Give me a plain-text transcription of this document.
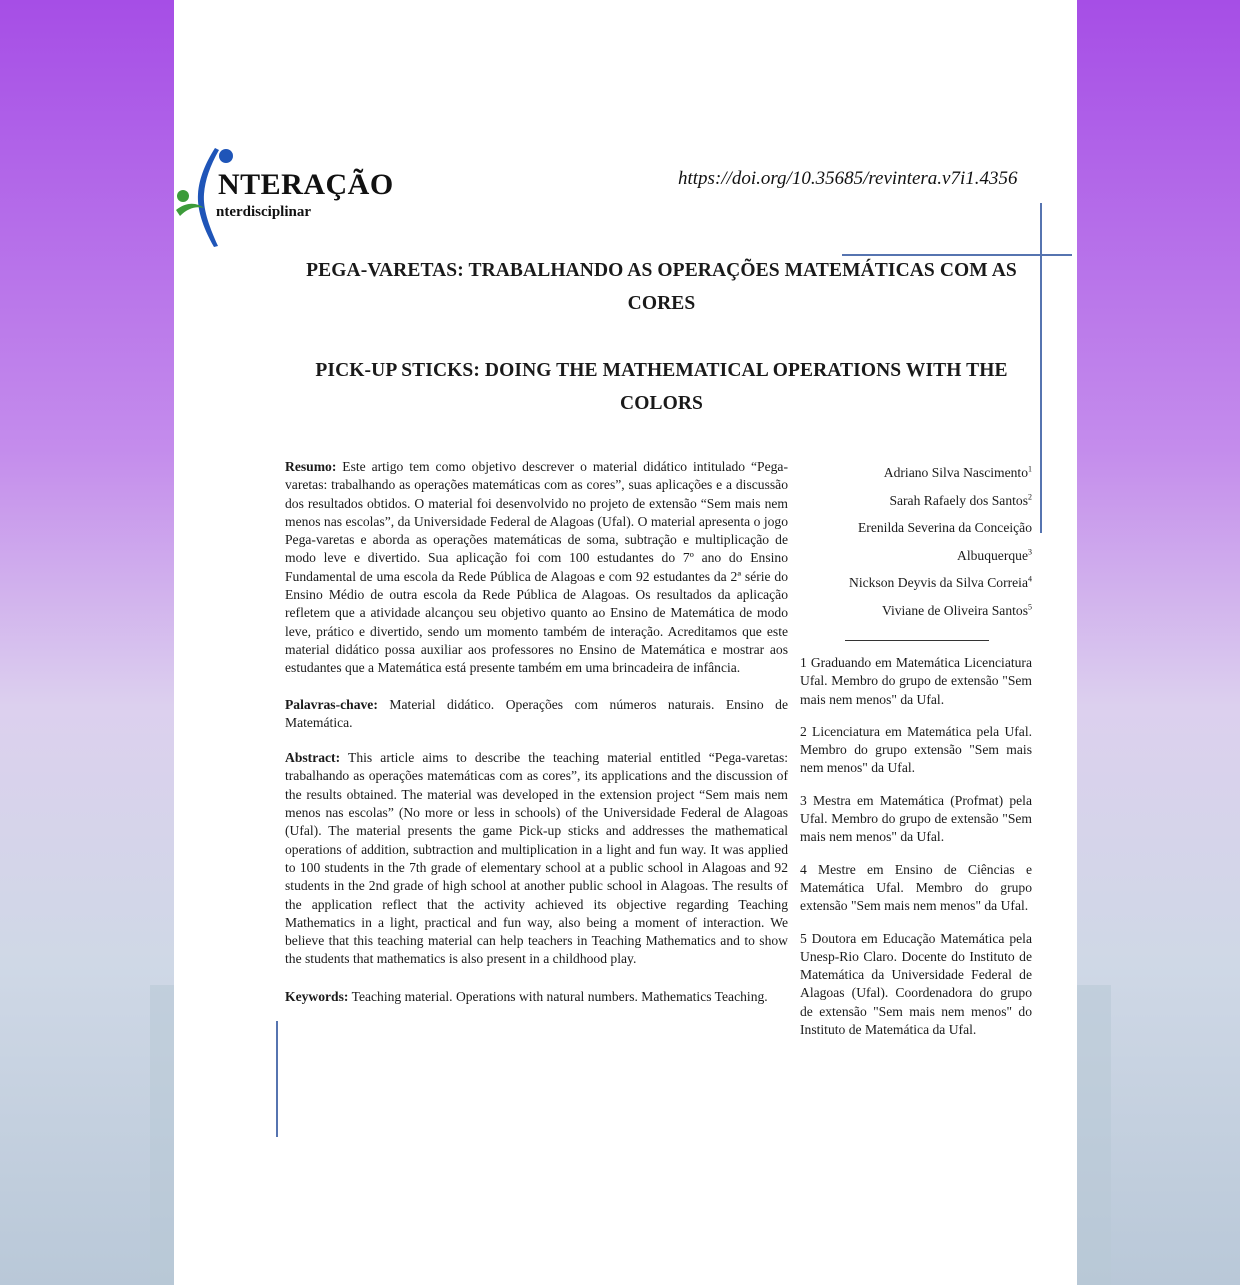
NTERAÇÃO
nterdisciplinar
https://doi.org/10.35685/revintera.v7i1.4356
PEGA-VARETAS: TRABALHANDO AS OPERAÇÕES MATEMÁTICAS COM AS
CORES
PICK-UP STICKS: DOING THE MATHEMATICAL OPERATIONS WITH THE
COLORS

Resumo: Este artigo tem como objetivo descrever o material didático intitulado “Pega-varetas: trabalhando as operações matemáticas com as cores”, suas aplicações e a discussão dos resultados obtidos. O material foi desenvolvido no projeto de extensão “Sem mais nem menos nas escolas”, da Universidade Federal de Alagoas (Ufal). O material apresenta o jogo Pega-varetas e aborda as operações matemáticas de soma, subtração e multiplicação de modo leve e divertido. Sua aplicação foi com 100 estudantes do 7º ano do Ensino Fundamental de uma escola da Rede Pública de Alagoas e com 92 estudantes da 2ª série do Ensino Médio de outra escola da Rede Pública de Alagoas. Os resultados da aplicação refletem que a atividade alcançou seu objetivo quanto ao Ensino de Matemática de modo leve, prático e divertido, sendo um momento também de interação. Acreditamos que este material didático possa auxiliar aos professores no Ensino de Matemática e mostrar aos estudantes que a Matemática está presente também em uma brincadeira de infância.

Palavras-chave: Material didático. Operações com números naturais. Ensino de Matemática.

Abstract: This article aims to describe the teaching material entitled “Pega-varetas: trabalhando as operações matemáticas com as cores”, its applications and the discussion of the results obtained. The material was developed in the extension project “Sem mais nem menos nas escolas” (No more or less in schools) of the Universidade Federal de Alagoas (Ufal). The material presents the game Pick-up sticks and addresses the mathematical operations of addition, subtraction and multiplication in a light and fun way. It was applied to 100 students in the 7th grade of elementary school at a public school in Alagoas and 92 students in the 2nd grade of high school at another public school in Alagoas. The results of the application reflect that the activity achieved its objective regarding Teaching Mathematics in a light, practical and fun way, also being a moment of interaction. We believe that this teaching material can help teachers in Teaching Mathematics and to show the students that mathematics is also present in a childhood play.

Keywords: Teaching material. Operations with natural numbers. Mathematics Teaching.

Adriano Silva Nascimento$^1$
Sarah Rafaely dos Santos$^2$
Erenilda Severina da Conceição Albuquerque$^3$
Nickson Deyvis da Silva Correia$^4$
Viviane de Oliveira Santos$^5$

1 Graduando em Matemática Licenciatura Ufal. Membro do grupo de extensão "Sem mais nem menos" da Ufal.

2 Licenciatura em Matemática pela Ufal. Membro do grupo extensão "Sem mais nem menos" da Ufal.

3 Mestra em Matemática (Profmat) pela Ufal. Membro do grupo de extensão "Sem mais nem menos" da Ufal.

4 Mestre em Ensino de Ciências e Matemática Ufal. Membro do grupo extensão "Sem mais nem menos" da Ufal.

5 Doutora em Educação Matemática pela Unesp-Rio Claro. Docente do Instituto de Matemática da Universidade Federal de Alagoas (Ufal). Coordenadora do grupo de extensão "Sem mais nem menos" do Instituto de Matemática da Ufal.
